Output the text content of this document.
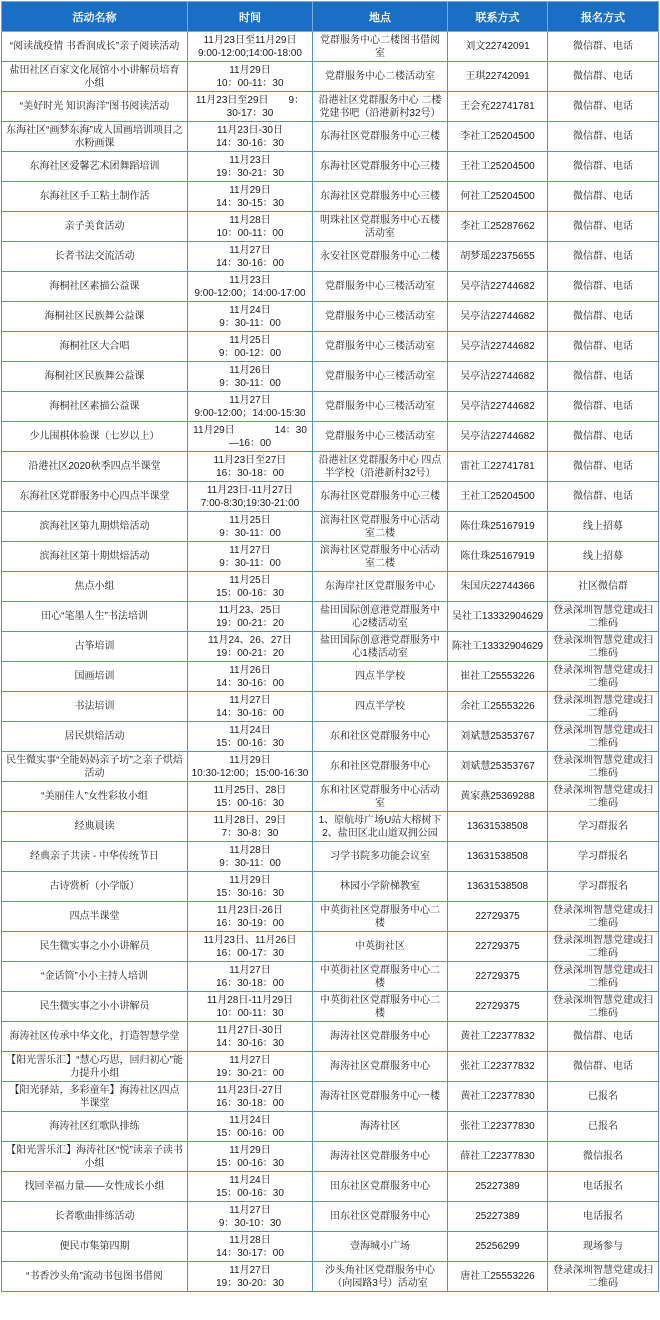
活动名称	时间	地点	联系方式	报名方式
“阅读战疫情 书香润成长”亲子阅读活动	11月23日至11月29日
9:00-12:00;14:00-18:00	党群服务中心二楼图书借阅室	刘文22742091	微信群、电话
盐田社区百家文化展馆小小讲解员培育小组	11月29日
10：00-11：30	党群服务中心二楼活动室	王琪22742091	微信群、电话
“美好时光 知识海洋”图书阅读活动	11月23日至29日　　9：30-17：30	沿港社区党群服务中心 二楼党建书吧（沿港新村32号）	王会充22741781	微信群、电话
东海社区“画梦东海”成人国画培训项目之水粉画课	11月23日-30日
14：30-16：30	东海社区党群服务中心三楼	李社工25204500	微信群、电话
东海社区爱馨艺术团舞蹈培训	11月23日
19：30-21：30	东海社区党群服务中心三楼	王社工25204500	微信群、电话
东海社区手工粘土制作活	11月29日
14：30-15：30	东海社区党群服务中心三楼	何社工25204500	微信群、电话
亲子美食活动	11月28日
10：00-11：00	明珠社区党群服务中心五楼活动室	李社工25287662	微信群、电话
长者书法交流活动	11月27日
14：30-16：00	永安社区党群服务中心二楼	胡梦瑶22375655	微信群、电话
海桐社区素描公益课	11月23日
9:00-12:00；14:00-17:00	党群服务中心三楼活动室	吴亭洁22744682	微信群、电话
海桐社区民族舞公益课	11月24日
9：30-11：00	党群服务中心三楼活动室	吴亭洁22744682	微信群、电话
海桐社区大合唱	11月25日
9：00-12：00	党群服务中心三楼活动室	吴亭洁22744682	微信群、电话
海桐社区民族舞公益课	11月26日
9：30-11：00	党群服务中心三楼活动室	吴亭洁22744682	微信群、电话
海桐社区素描公益课	11月27日
9:00-12:00；14:00-15:30	党群服务中心三楼活动室	吴亭洁22744682	微信群、电话
少儿围棋体验课（七岁以上）	11月29日　　　　14：30—16：00	党群服务中心三楼活动室	吴亭洁22744682	微信群、电话
沿港社区2020秋季四点半课堂	11月23日至27日
16：30-18：00	沿港社区党群服务中心 四点半学校（沿港新村32号）	雷社工22741781	微信群、电话
东海社区党群服务中心四点半课堂	11月23日-11月27日
7:00-8:30;19:30-21:00	东海社区党群服务中心三楼	王社工25204500	微信群、电话
滨海社区第九期烘焙活动	11月25日
9：30-11：00	滨海社区党群服务中心活动室二楼	陈仕珠25167919	线上招募
滨海社区第十期烘焙活动	11月27日
9：30-11：00	滨海社区党群服务中心活动室二楼	陈仕珠25167919	线上招募
焦点小组	11月25日
15：00-16：30	东海岸社区党群服务中心	朱国庆22744366	社区微信群
田心“笔墨人生”书法培训	11月23、25日
19：00-21：20	盐田国际创意港党群服务中心2楼活动室	吴社工13332904629	登录深圳智慧党建或扫二维码
古筝培训	11月24、26、27日
19：00-21：20	盐田国际创意港党群服务中心1楼活动室	陈社工13332904629	登录深圳智慧党建或扫二维码
国画培训	11月26日
14：30-16：00	四点半学校	崔社工25553226	登录深圳智慧党建或扫二维码
书法培训	11月27日
14：30-16：00	四点半学校	余社工25553226	登录深圳智慧党建或扫二维码
居民烘焙活动	11月24日
15：00-16：30	东和社区党群服务中心	刘斌慧25353767	登录深圳智慧党建或扫二维码
民生微实事“全能妈妈亲子坊”之亲子烘焙活动	11月29日
10:30-12:00；15:00-16:30	东和社区党群服务中心	刘斌慧25353767	登录深圳智慧党建或扫二维码
“美丽佳人”女性彩妆小组	11月25日、28日
15：00-16：30	东和社区党群服务中心活动室	黄家燕25369288	登录深圳智慧党建或扫二维码
经典晨读	11月28日、29日
7：30-8：30	1、原航母广场U站大榕树下
2、盐田区北山道双拥公园	13631538508	学习群报名
经典亲子共读 - 中华传统节日	11月28日
9：30-11：00	习学书院多功能会议室	13631538508	学习群报名
古诗赏析（小学版）	11月29日
15：30-16：30	林园小学阶梯教室	13631538508	学习群报名
四点半课堂	11月23日-26日
16：30-19：00	中英街社区党群服务中心二楼	22729375	登录深圳智慧党建或扫二维码
民生微实事之小小讲解员	11月23日、11月26日
16：00-17：30	中英街社区	22729375	登录深圳智慧党建或扫二维码
“金话筒”小小主持人培训	11月27日
16：30-18：00	中英街社区党群服务中心二楼	22729375	登录深圳智慧党建或扫二维码
民生微实事之小小讲解员	11月28日-11月29日
10：00-11：30	中英街社区党群服务中心二楼	22729375	登录深圳智慧党建或扫二维码
海涛社区传承中华文化，打造智慧学堂	11月27日-30日
14：30-16：30	海涛社区党群服务中心	黄社工22377832	微信群、电话
【阳光霅乐汇】“慧心巧思，回归初心”能力提升小组	11月27日
19：30-21：00	海涛社区党群服务中心	张社工22377832	微信群、电话
【阳光驿站，多彩童年】海涛社区四点半课堂	11月23日-27日
16：30-18：00	海涛社区党群服务中心一楼	黄社工22377830	已报名
海涛社区红歌队排练	11月24日
15：00-16：00	海涛社区	张社工22377830	已报名
【阳光霅乐汇】海涛社区“悦”读亲子读书小组	11月29日
15：00-16：30	海涛社区党群服务中心	薛社工22377830	微信报名
找回幸福力量——女性成长小组	11月24日
15：00-16：30	田东社区党群服务中心	25227389	电话报名
长者歌曲排练活动	11月27日
9：30-10：30	田东社区党群服务中心	25227389	电话报名
便民市集第四期	11月28日
14：30-17：00	壹海城小广场	25256299	现场参与
“书香沙头角”流动书包图书借阅	11月27日
19：30-20：30	沙头角社区党群服务中心（向园路3号）活动室	唐社工25553226	登录深圳智慧党建或扫二维码
